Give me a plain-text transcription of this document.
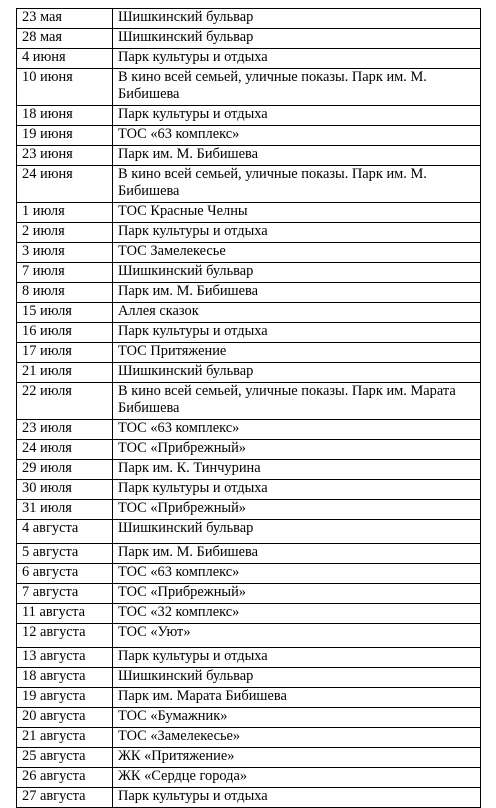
23 мая	Шишкинский бульвар
28 мая	Шишкинский бульвар
4 июня	Парк культуры и отдыха
10 июня	В кино всей семьей, уличные показы. Парк им. М. Бибишева
18 июня	Парк культуры и отдыха
19 июня	ТОС «63 комплекс»
23 июня	Парк им. М. Бибишева
24 июня	В кино всей семьей, уличные показы. Парк им. М. Бибишева
1 июля	ТОС Красные Челны
2 июля	Парк культуры и отдыха
3 июля	ТОС Замелекесье
7 июля	Шишкинский бульвар
8 июля	Парк им. М. Бибишева
15 июля	Аллея сказок
16 июля	Парк культуры и отдыха
17 июля	ТОС Притяжение
21 июля	Шишкинский бульвар
22 июля	В кино всей семьей, уличные показы. Парк им. Марата Бибишева
23 июля	ТОС «63 комплекс»
24 июля	ТОС «Прибрежный»
29 июля	Парк им. К. Тинчурина
30 июля	Парк культуры и отдыха
31 июля	ТОС «Прибрежный»
4 августа	Шишкинский бульвар
5 августа	Парк им. М. Бибишева
6 августа	ТОС «63 комплекс»
7 августа	ТОС «Прибрежный»
11 августа	ТОС «32 комплекс»
12 августа	ТОС «Уют»
13 августа	Парк культуры и отдыха
18 августа	Шишкинский бульвар
19 августа	Парк им. Марата Бибишева
20 августа	ТОС «Бумажник»
21 августа	ТОС «Замелекесье»
25 августа	ЖК «Притяжение»
26 августа	ЖК «Сердце города»
27 августа	Парк культуры и отдыха
